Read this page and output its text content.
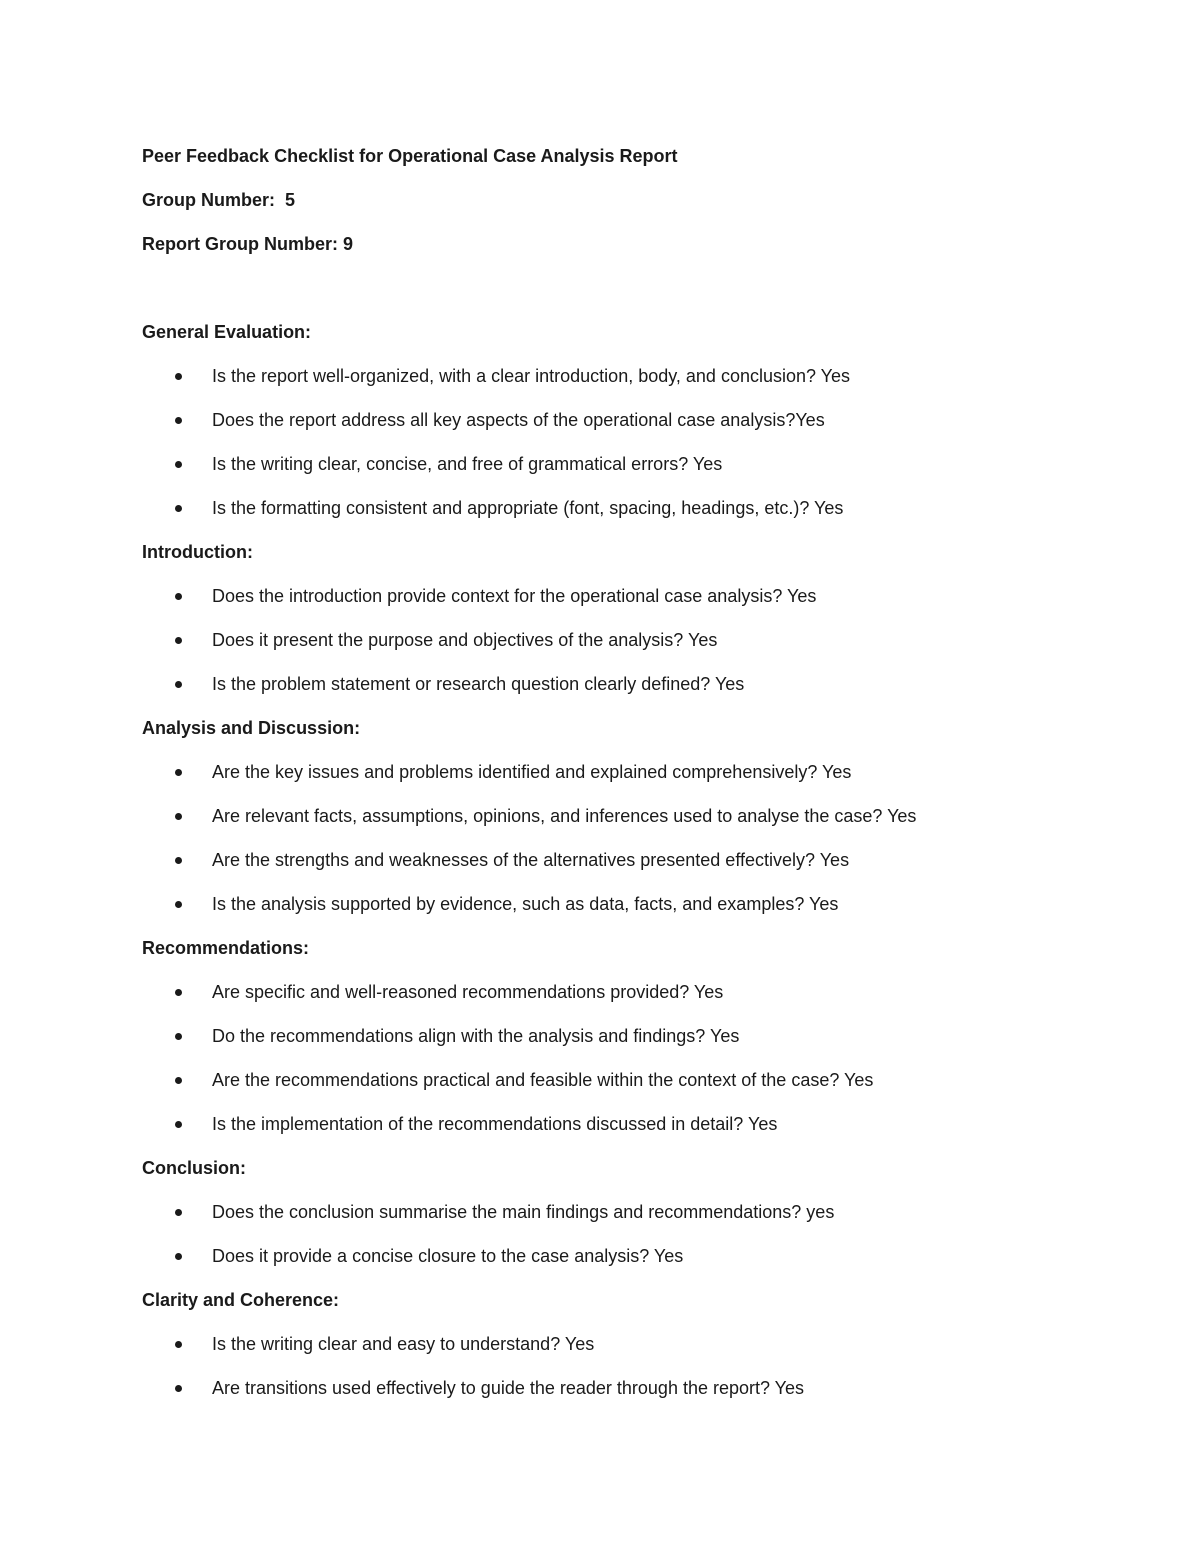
Peer Feedback Checklist for Operational Case Analysis Report

Group Number:  5

Report Group Number: 9

General Evaluation:
Is the report well-organized, with a clear introduction, body, and conclusion? Yes
Does the report address all key aspects of the operational case analysis?Yes
Is the writing clear, concise, and free of grammatical errors? Yes
Is the formatting consistent and appropriate (font, spacing, headings, etc.)? Yes
Introduction:
Does the introduction provide context for the operational case analysis? Yes
Does it present the purpose and objectives of the analysis? Yes
Is the problem statement or research question clearly defined? Yes
Analysis and Discussion:
Are the key issues and problems identified and explained comprehensively? Yes
Are relevant facts, assumptions, opinions, and inferences used to analyse the case? Yes
Are the strengths and weaknesses of the alternatives presented effectively? Yes
Is the analysis supported by evidence, such as data, facts, and examples? Yes
Recommendations:
Are specific and well-reasoned recommendations provided? Yes
Do the recommendations align with the analysis and findings? Yes
Are the recommendations practical and feasible within the context of the case? Yes
Is the implementation of the recommendations discussed in detail? Yes
Conclusion:
Does the conclusion summarise the main findings and recommendations? yes
Does it provide a concise closure to the case analysis? Yes
Clarity and Coherence:
Is the writing clear and easy to understand? Yes
Are transitions used effectively to guide the reader through the report? Yes
